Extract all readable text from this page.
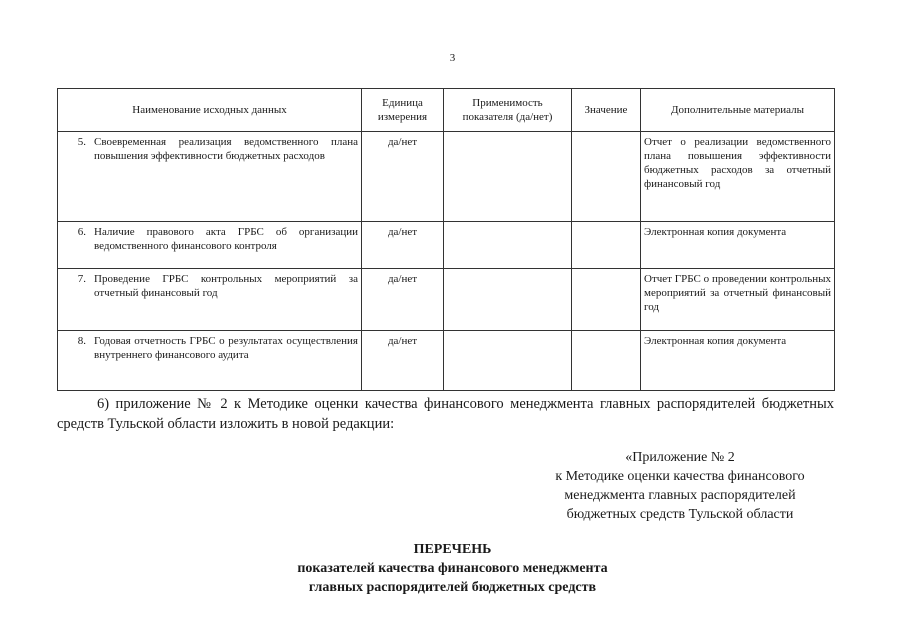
3
Наименование исходных данных	Единица измерения	Применимость показателя (да/нет)	Значение	Дополнительные материалы

5. Своевременная реализация ведомственного плана повышения эффективности бюджетных расходов	да/нет			Отчет о реализации ведомственного плана повышения эффективности бюджетных расходов за отчетный финансовый год

6. Наличие правового акта ГРБС об организации ведомственного финансового контроля	да/нет			Электронная копия документа

7. Проведение ГРБС контрольных мероприятий за отчетный финансовый год	да/нет			Отчет ГРБС о проведении контрольных мероприятий за отчетный финансовый год

8. Годовая отчетность ГРБС о результатах осуществления внутреннего финансового аудита	да/нет			Электронная копия документа

6) приложение № 2 к Методике оценки качества финансового менеджмента главных распорядителей бюджетных средств Тульской области изложить в новой редакции:

«Приложение № 2
к Методике оценки качества финансового
менеджмента главных распорядителей
бюджетных средств Тульской области
ПЕРЕЧЕНЬ
показателей качества финансового менеджмента
главных распорядителей бюджетных средств
